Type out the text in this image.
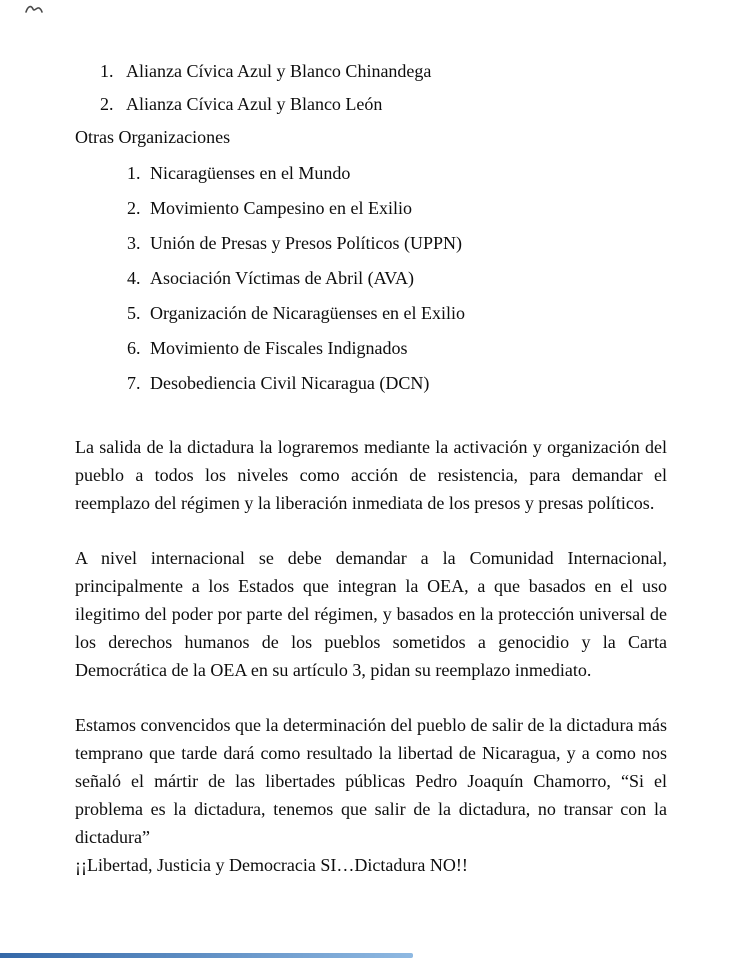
1. Alianza Cívica Azul y Blanco Chinandega
2. Alianza Cívica Azul y Blanco León

Otras Organizaciones

1. Nicaragüenses en el Mundo
2. Movimiento Campesino en el Exilio
3. Unión de Presas y Presos Políticos (UPPN)
4. Asociación Víctimas de Abril (AVA)
5. Organización de Nicaragüenses en el Exilio
6. Movimiento de Fiscales Indignados
7. Desobediencia Civil Nicaragua (DCN)

La salida de la dictadura la lograremos mediante la activación y organización del pueblo a todos los niveles como acción de resistencia, para demandar el reemplazo del régimen y la liberación inmediata de los presos y presas políticos.

A nivel internacional se debe demandar a la Comunidad Internacional, principalmente a los Estados que integran la OEA, a que basados en el uso ilegitimo del poder por parte del régimen, y basados en la protección universal de los derechos humanos de los pueblos sometidos a genocidio y la Carta Democrática de la OEA en su artículo 3, pidan su reemplazo inmediato.

Estamos convencidos que la determinación del pueblo de salir de la dictadura más temprano que tarde dará como resultado la libertad de Nicaragua, y a como nos señaló el mártir de las libertades públicas Pedro Joaquín Chamorro, “Si el problema es la dictadura, tenemos que salir de la dictadura, no transar con la dictadura”

¡¡Libertad, Justicia y Democracia SI…Dictadura NO!!
